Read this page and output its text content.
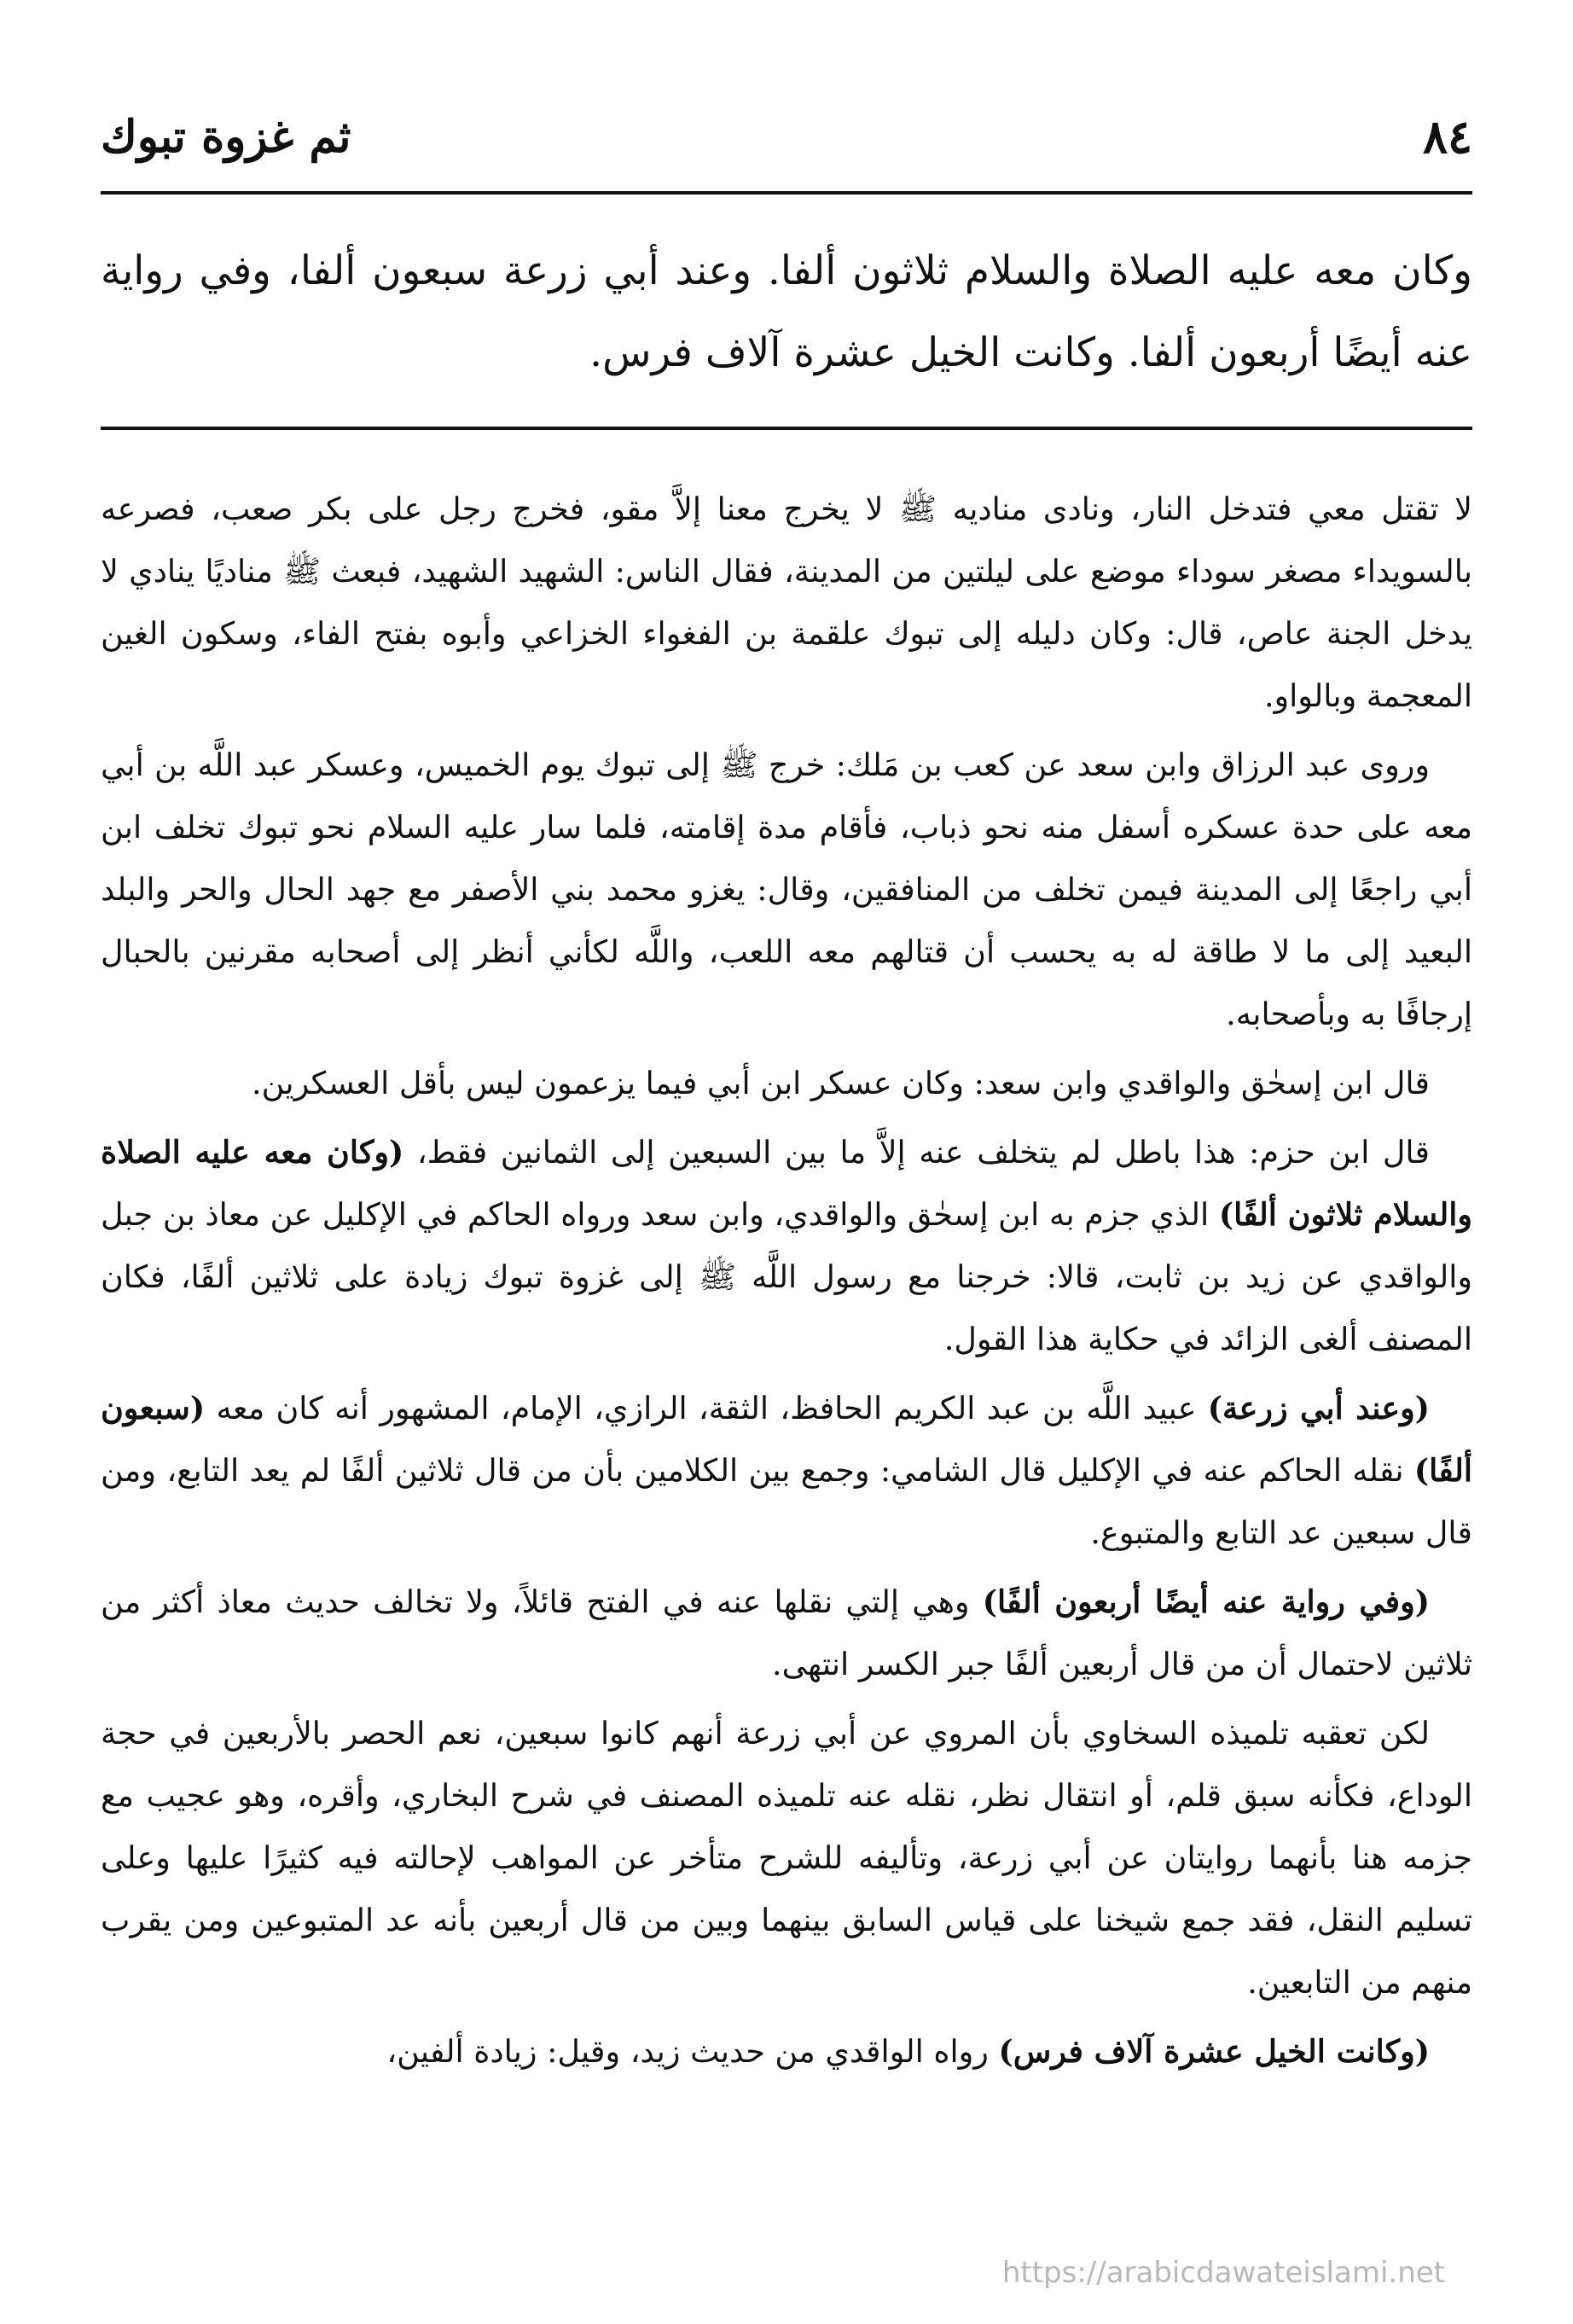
٨٤
ثم غزوة تبوك
وكان معه عليه الصلاة والسلام ثلاثون ألفا. وعند أبي زرعة سبعون ألفا، وفي رواية عنه أيضًا أربعون ألفا. وكانت الخيل عشرة آلاف فرس.

لا تقتل معي فتدخل النار، ونادى مناديه ﷺ لا يخرج معنا إلاَّ مقو، فخرج رجل على بكر صعب، فصرعه بالسويداء مصغر سوداء موضع على ليلتين من المدينة، فقال الناس: الشهيد الشهيد، فبعث ﷺ مناديًا ينادي لا يدخل الجنة عاص، قال: وكان دليله إلى تبوك علقمة بن الفغواء الخزاعي وأبوه بفتح الفاء، وسكون الغين المعجمة وبالواو.

وروى عبد الرزاق وابن سعد عن كعب بن مَلك: خرج ﷺ إلى تبوك يوم الخميس، وعسكر عبد اللَّه بن أبي معه على حدة عسكره أسفل منه نحو ذباب، فأقام مدة إقامته، فلما سار عليه السلام نحو تبوك تخلف ابن أبي راجعًا إلى المدينة فيمن تخلف من المنافقين، وقال: يغزو محمد بني الأصفر مع جهد الحال والحر والبلد البعيد إلى ما لا طاقة له به يحسب أن قتالهم معه اللعب، واللَّه لكأني أنظر إلى أصحابه مقرنين بالحبال إرجافًا به وبأصحابه.

قال ابن إسحٰق والواقدي وابن سعد: وكان عسكر ابن أبي فيما يزعمون ليس بأقل العسكرين.

قال ابن حزم: هذا باطل لم يتخلف عنه إلاَّ ما بين السبعين إلى الثمانين فقط، (وكان معه عليه الصلاة والسلام ثلاثون ألفًا) الذي جزم به ابن إسحٰق والواقدي، وابن سعد ورواه الحاكم في الإكليل عن معاذ بن جبل والواقدي عن زيد بن ثابت، قالا: خرجنا مع رسول اللَّه ﷺ إلى غزوة تبوك زيادة على ثلاثين ألفًا، فكان المصنف ألغى الزائد في حكاية هذا القول.

(وعند أبي زرعة) عبيد اللَّه بن عبد الكريم الحافظ، الثقة، الرازي، الإمام، المشهور أنه كان معه (سبعون ألفًا) نقله الحاكم عنه في الإكليل قال الشامي: وجمع بين الكلامين بأن من قال ثلاثين ألفًا لم يعد التابع، ومن قال سبعين عد التابع والمتبوع.

(وفي رواية عنه أيضًا أربعون ألفًا) وهي إلتي نقلها عنه في الفتح قائلاً، ولا تخالف حديث معاذ أكثر من ثلاثين لاحتمال أن من قال أربعين ألفًا جبر الكسر انتهى.

لكن تعقبه تلميذه السخاوي بأن المروي عن أبي زرعة أنهم كانوا سبعين، نعم الحصر بالأربعين في حجة الوداع، فكأنه سبق قلم، أو انتقال نظر، نقله عنه تلميذه المصنف في شرح البخاري، وأقره، وهو عجيب مع جزمه هنا بأنهما روايتان عن أبي زرعة، وتأليفه للشرح متأخر عن المواهب لإحالته فيه كثيرًا عليها وعلى تسليم النقل، فقد جمع شيخنا على قياس السابق بينهما وبين من قال أربعين بأنه عد المتبوعين ومن يقرب منهم من التابعين.

(وكانت الخيل عشرة آلاف فرس) رواه الواقدي من حديث زيد، وقيل: زيادة ألفين،

https://arabicdawateislami.net
